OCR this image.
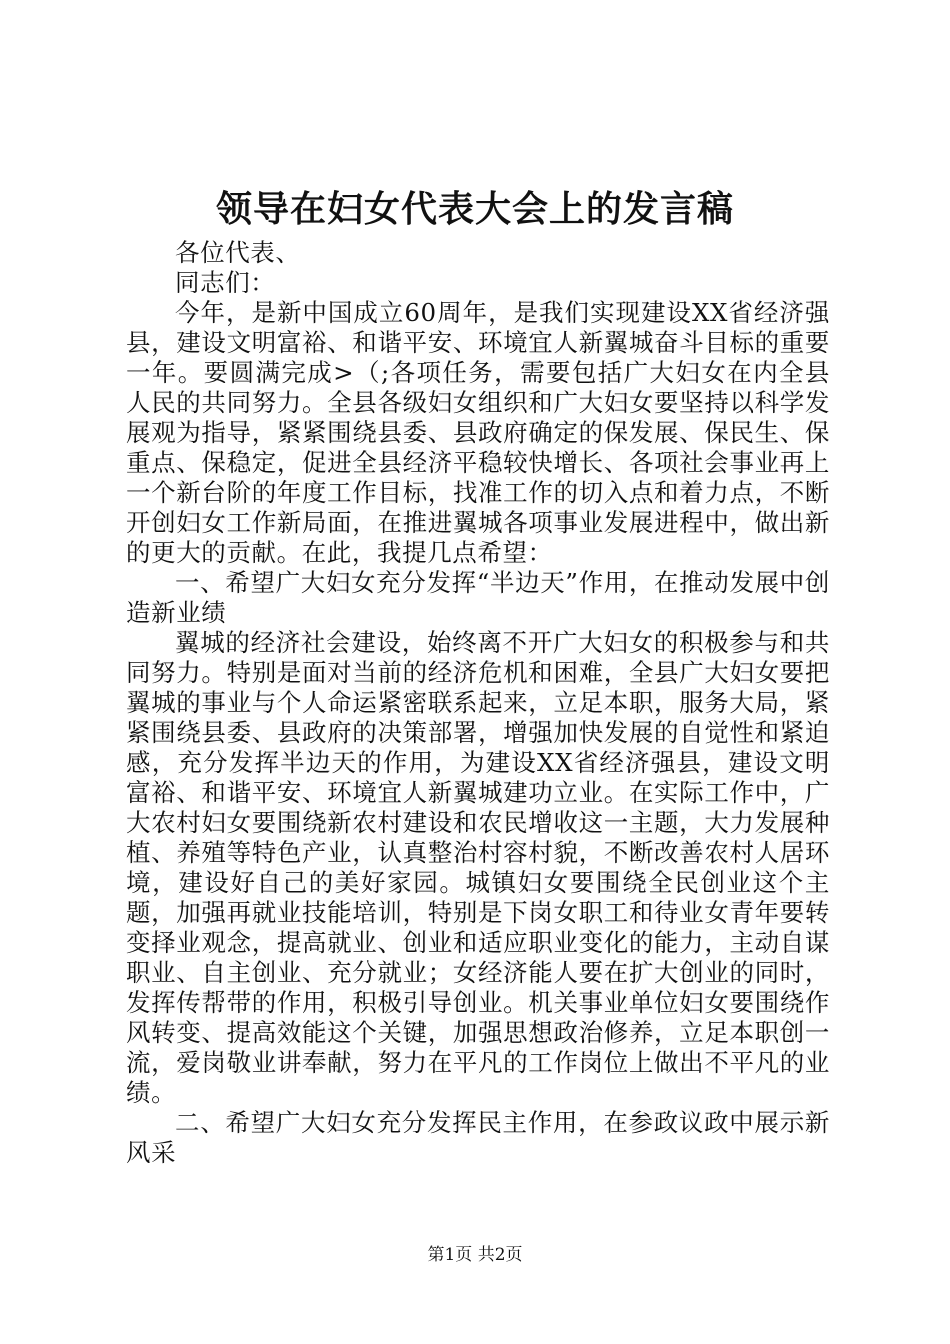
领导在妇女代表大会上的发言稿

各位代表、

同志们：

今年，是新中国成立60周年，是我们实现建设XX省经济强县，建设文明富裕、和谐平安、环境宜人新翼城奋斗目标的重要一年。要圆满完成>（;各项任务，需要包括广大妇女在内全县人民的共同努力。全县各级妇女组织和广大妇女要坚持以科学发展观为指导，紧紧围绕县委、县政府确定的保发展、保民生、保重点、保稳定，促进全县经济平稳较快增长、各项社会事业再上一个新台阶的年度工作目标，找准工作的切入点和着力点，不断开创妇女工作新局面，在推进翼城各项事业发展进程中，做出新的更大的贡献。在此，我提几点希望：

一、希望广大妇女充分发挥“半边天”作用，在推动发展中创造新业绩

翼城的经济社会建设，始终离不开广大妇女的积极参与和共同努力。特别是面对当前的经济危机和困难，全县广大妇女要把翼城的事业与个人命运紧密联系起来，立足本职，服务大局，紧紧围绕县委、县政府的决策部署，增强加快发展的自觉性和紧迫感，充分发挥半边天的作用，为建设XX省经济强县，建设文明富裕、和谐平安、环境宜人新翼城建功立业。在实际工作中，广大农村妇女要围绕新农村建设和农民增收这一主题，大力发展种植、养殖等特色产业，认真整治村容村貌，不断改善农村人居环境，建设好自己的美好家园。城镇妇女要围绕全民创业这个主题，加强再就业技能培训，特别是下岗女职工和待业女青年要转变择业观念，提高就业、创业和适应职业变化的能力，主动自谋职业、自主创业、充分就业；女经济能人要在扩大创业的同时，发挥传帮带的作用，积极引导创业。机关事业单位妇女要围绕作风转变、提高效能这个关键，加强思想政治修养，立足本职创一流，爱岗敬业讲奉献，努力在平凡的工作岗位上做出不平凡的业绩。

二、希望广大妇女充分发挥民主作用，在参政议政中展示新风采

第1页 共2页
